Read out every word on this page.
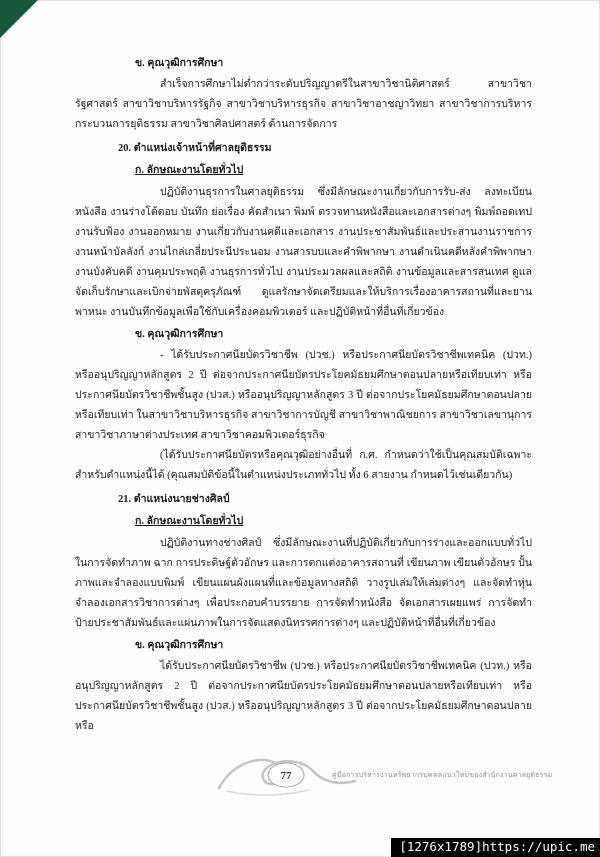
ข. คุณวุฒิการศึกษา

สำเร็จการศึกษาไม่ต่ำกว่าระดับปริญญาตรีในสาขาวิชานิติศาสตร์ สาขาวิชารัฐศาสตร์ สาขาวิชาบริหารรัฐกิจ สาขาวิชาบริหารธุรกิจ สาขาวิชาอาชญาวิทยา สาขาวิชาการบริหารกระบวนการยุติธรรม สาขาวิชาศิลปศาสตร์ ด้านการจัดการ

20. ตำแหน่งเจ้าหน้าที่ศาลยุติธรรม

ก. ลักษณะงานโดยทั่วไป

ปฏิบัติงานธุรการในศาลยุติธรรม ซึ่งมีลักษณะงานเกี่ยวกับการรับ-ส่ง ลงทะเบียนหนังสือ งานร่างโต้ตอบ บันทึก ย่อเรื่อง คัดสำเนา พิมพ์ ตรวจทานหนังสือและเอกสารต่างๆ พิมพ์ถอดเทป งานรับฟ้อง งานออกหมาย งานเกี่ยวกับงานคดีและเอกสาร งานประชาสัมพันธ์และประสานงานราชการ งานหน้าบัลลังก์ งานไกล่เกลี่ยประนีประนอม งานสารบบและคำพิพากษา งานดำเนินคดีหลังคำพิพากษา งานบังคับคดี งานคุมประพฤติ งานธุรการทั่วไป งานประมวลผลและสถิติ งานข้อมูลและสารสนเทศ ดูแลจัดเก็บรักษาและเบิกจ่ายพัสดุครุภัณฑ์ ดูแลรักษาจัดเตรียมและให้บริการเรื่องอาคารสถานที่และยานพาหนะ งานบันทึกข้อมูลเพื่อใช้กับเครื่องคอมพิวเตอร์ และปฏิบัติหน้าที่อื่นที่เกี่ยวข้อง

ข. คุณวุฒิการศึกษา

- ได้รับประกาศนียบัตรวิชาชีพ (ปวช.) หรือประกาศนียบัตรวิชาชีพเทคนิค (ปวท.) หรืออนุปริญญาหลักสูตร 2 ปี ต่อจากประกาศนียบัตรประโยคมัธยมศึกษาตอนปลายหรือเทียบเท่า หรือประกาศนียบัตรวิชาชีพชั้นสูง (ปวส.) หรืออนุปริญญาหลักสูตร 3 ปี ต่อจากประโยคมัธยมศึกษาตอนปลายหรือเทียบเท่า ในสาขาวิชาบริหารธุรกิจ สาขาวิชาการบัญชี สาขาวิชาพาณิชยการ สาขาวิชาเลขานุการ สาขาวิชาภาษาต่างประเทศ สาขาวิชาคอมพิวเตอร์ธุรกิจ

(ได้รับประกาศนียบัตรหรือคุณวุฒิอย่างอื่นที่ ก.ศ. กำหนดว่าใช้เป็นคุณสมบัติเฉพาะสำหรับตำแหน่งนี้ได้ (คุณสมบัติข้อนี้ในตำแหน่งประเภททั่วไป ทั้ง 6 สายงาน กำหนดไว้เช่นเดียวกัน)

21. ตำแหน่งนายช่างศิลป์

ก. ลักษณะงานโดยทั่วไป

ปฏิบัติงานทางช่างศิลป์ ซึ่งมีลักษณะงานที่ปฏิบัติเกี่ยวกับการร่างและออกแบบทั่วไปในการจัดทำภาพ ฉาก การประดิษฐ์ตัวอักษร และการตกแต่งอาคารสถานที่ เขียนภาพ เขียนตัวอักษร ปั้นภาพและจำลองแบบพิมพ์ เขียนแผนผังแผนที่และข้อมูลทางสถิติ วางรูปเล่มให้เล่มต่างๆ และจัดทำหุ่นจำลองเอกสารวิชาการต่างๆ เพื่อประกอบคำบรรยาย การจัดทำหนังสือ จัดเอกสารเผยแพร่ การจัดทำป้ายประชาสัมพันธ์และแผ่นภาพในการจัดแสดงนิทรรศการต่างๆ และปฏิบัติหน้าที่อื่นที่เกี่ยวข้อง

ข. คุณวุฒิการศึกษา

ได้รับประกาศนียบัตรวิชาชีพ (ปวช.) หรือประกาศนียบัตรวิชาชีพเทคนิค (ปวท.) หรืออนุปริญญาหลักสูตร 2 ปี ต่อจากประกาศนียบัตรประโยคมัธยมศึกษาตอนปลายหรือเทียบเท่า หรือประกาศนียบัตรวิชาชีพชั้นสูง (ปวส.) หรืออนุปริญญาหลักสูตร 3 ปี ต่อจากประโยคมัธยมศึกษาตอนปลายหรือ

77	คู่มือการบริหารงานทรัพยากรบุคคลแนวใหม่ของสำนักงานศาลยุติธรรม
[1276x1789]https://upic.me
